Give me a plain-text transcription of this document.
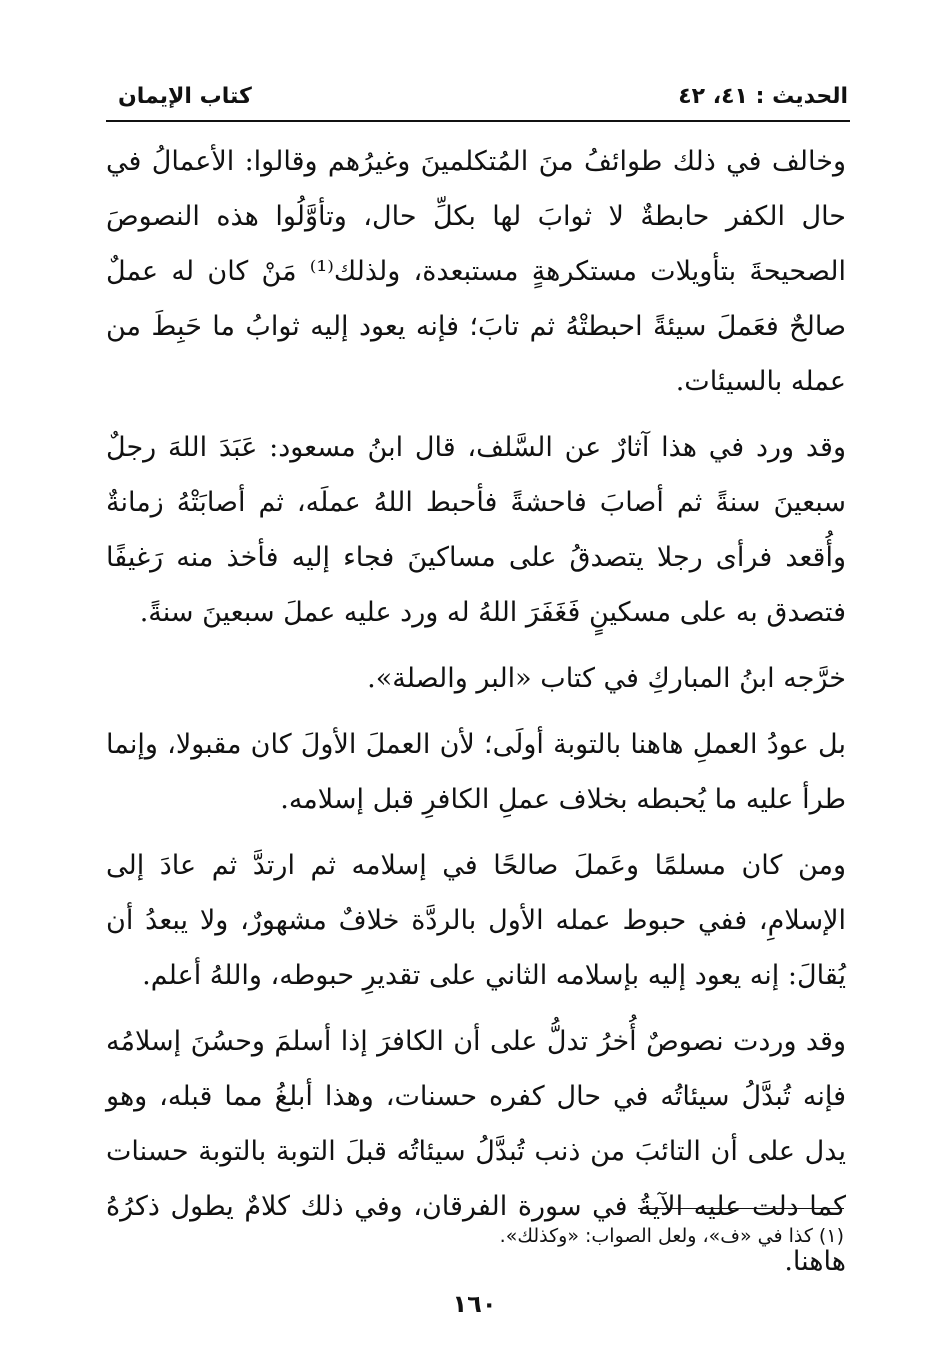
الحديث : ٤١، ٤٢
كتاب الإيمان

وخالف في ذلك طوائفُ منَ المُتكلمينَ وغيرُهم وقالوا: الأعمالُ في حال الكفر حابطةٌ لا ثوابَ لها بكلِّ حال، وتأوَّلُوا هذه النصوصَ الصحيحةَ بتأويلات مستكرهةٍ مستبعدة، ولذلك⁽¹⁾ مَنْ كان له عملٌ صالحٌ فعَملَ سيئةً احبطتْهُ ثم تابَ؛ فإنه يعود إليه ثوابُ ما حَبِطَ من عمله بالسيئات.

وقد ورد في هذا آثارٌ عن السَّلف، قال ابنُ مسعود: عَبَدَ اللهَ رجلٌ سبعينَ سنةً ثم أصابَ فاحشةً فأحبط اللهُ عملَه، ثم أصابَتْهُ زمانةٌ وأُقعد فرأى رجلا يتصدقُ على مساكينَ فجاء إليه فأخذ منه رَغيفًا فتصدق به على مسكينٍ فَغَفَرَ اللهُ له ورد عليه عملَ سبعينَ سنةً.

خرَّجه ابنُ المباركِ في كتاب «البر والصلة».

بل عودُ العملِ هاهنا بالتوبة أولَى؛ لأن العملَ الأولَ كان مقبولا، وإنما طرأ عليه ما يُحبطه بخلاف عملِ الكافرِ قبل إسلامه.

ومن كان مسلمًا وعَملَ صالحًا في إسلامه ثم ارتدَّ ثم عادَ إلى الإسلامِ، ففي حبوط عمله الأول بالردَّة خلافٌ مشهورٌ، ولا يبعدُ أن يُقالَ: إنه يعود إليه بإسلامه الثاني على تقديرِ حبوطه، واللهُ أعلم.

وقد وردت نصوصٌ أُخرُ تدلُّ على أن الكافرَ إذا أسلمَ وحسُنَ إسلامُه فإنه تُبدَّلُ سيئاتُه في حال كفره حسنات، وهذا أبلغُ مما قبله، وهو يدل على أن التائبَ من ذنب تُبدَّلُ سيئاتُه قبلَ التوبة بالتوبة حسنات كما دلت عليه الآيةُ في سورة الفرقان، وفي ذلك كلامٌ يطول ذكرُهُ هاهنا.

(١) كذا في «ف»، ولعل الصواب: «وكذلك».
١٦٠
